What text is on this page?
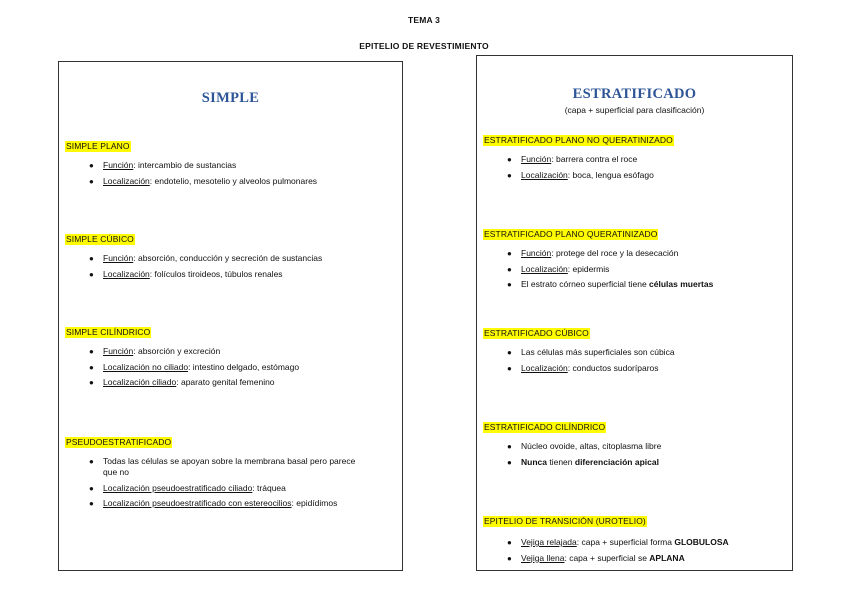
TEMA 3
EPITELIO DE REVESTIMIENTO
SIMPLE
SIMPLE PLANO
● Función: intercambio de sustancias
● Localización: endotelio, mesotelio y alveolos pulmonares
SIMPLE CÚBICO
● Función: absorción, conducción y secreción de sustancias
● Localización: folículos tiroideos, túbulos renales
SIMPLE CILÍNDRICO
● Función: absorción y excreción
● Localización no ciliado: intestino delgado, estómago
● Localización ciliado: aparato genital femenino
PSEUDOESTRATIFICADO
● Todas las células se apoyan sobre la membrana basal pero parece que no
● Localización pseudoestratificado ciliado: tráquea
● Localización pseudoestratificado con estereocilios: epidídimos
ESTRATIFICADO
(capa + superficial para clasificación)
ESTRATIFICADO PLANO NO QUERATINIZADO
● Función: barrera contra el roce
● Localización: boca, lengua esófago
ESTRATIFICADO PLANO QUERATINIZADO
● Función: protege del roce y la desecación
● Localización: epidermis
● El estrato córneo superficial tiene células muertas
ESTRATIFICADO CÚBICO
● Las células más superficiales son cúbica
● Localización: conductos sudoríparos
ESTRATIFICADO CILÍNDRICO
● Núcleo ovoide, altas, citoplasma libre
● Nunca tienen diferenciación apical
EPITELIO DE TRANSICIÓN (UROTELIO)
● Vejiga relajada: capa + superficial forma GLOBULOSA
● Vejiga llena: capa + superficial se APLANA
